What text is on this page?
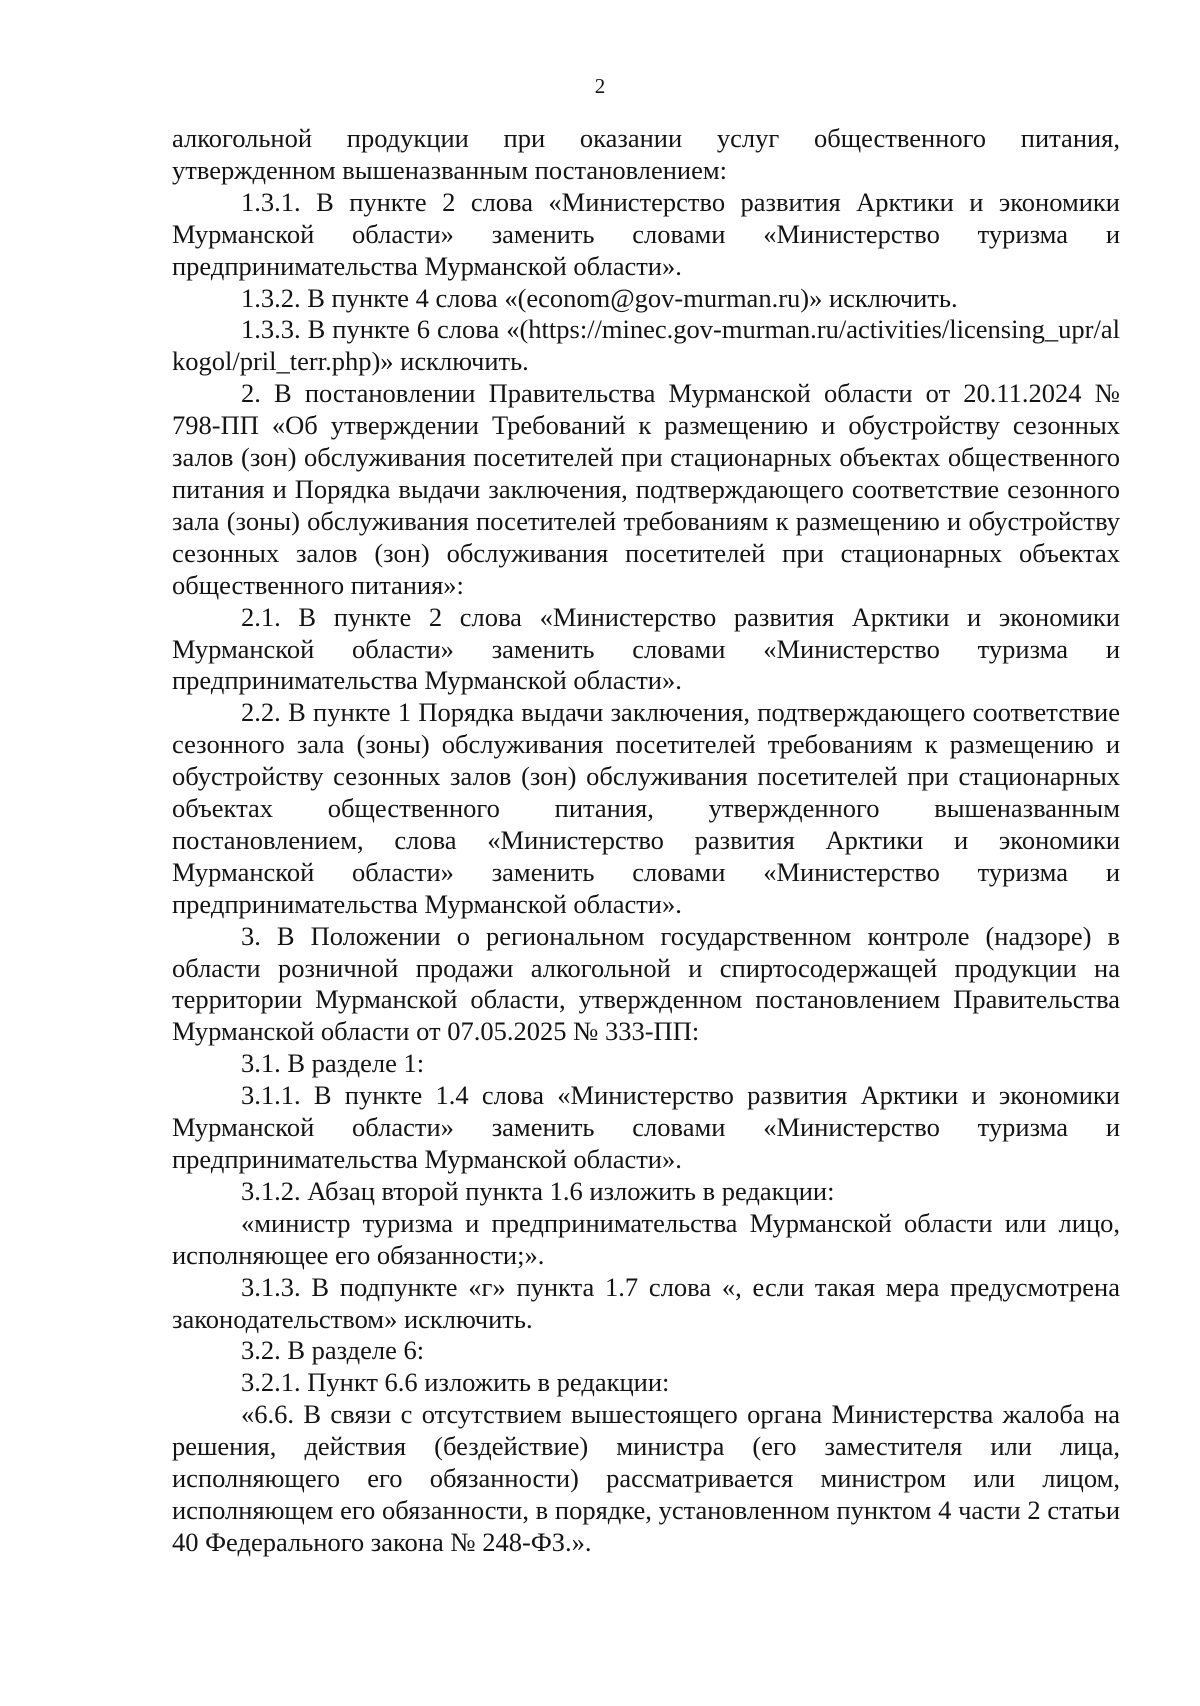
2

алкогольной продукции при оказании услуг общественного питания, утвержденном вышеназванным постановлением:

1.3.1. В пункте 2 слова «Министерство развития Арктики и экономики Мурманской области» заменить словами «Министерство туризма и предпринимательства Мурманской области».

1.3.2. В пункте 4 слова «(econom@gov-murman.ru)» исключить.

1.3.3. В пункте 6 слова «(https://minec.gov-murman.ru/activities/licensing_upr/alkogol/pril_terr.php)» исключить.

2. В постановлении Правительства Мурманской области от 20.11.2024 № 798-ПП «Об утверждении Требований к размещению и обустройству сезонных залов (зон) обслуживания посетителей при стационарных объектах общественного питания и Порядка выдачи заключения, подтверждающего соответствие сезонного зала (зоны) обслуживания посетителей требованиям к размещению и обустройству сезонных залов (зон) обслуживания посетителей при стационарных объектах общественного питания»:

2.1. В пункте 2 слова «Министерство развития Арктики и экономики Мурманской области» заменить словами «Министерство туризма и предпринимательства Мурманской области».

2.2. В пункте 1 Порядка выдачи заключения, подтверждающего соответствие сезонного зала (зоны) обслуживания посетителей требованиям к размещению и обустройству сезонных залов (зон) обслуживания посетителей при стационарных объектах общественного питания, утвержденного вышеназванным постановлением, слова «Министерство развития Арктики и экономики Мурманской области» заменить словами «Министерство туризма и предпринимательства Мурманской области».

3. В Положении о региональном государственном контроле (надзоре) в области розничной продажи алкогольной и спиртосодержащей продукции на территории Мурманской области, утвержденном постановлением Правительства Мурманской области от 07.05.2025 № 333-ПП:

3.1. В разделе 1:

3.1.1. В пункте 1.4 слова «Министерство развития Арктики и экономики Мурманской области» заменить словами «Министерство туризма и предпринимательства Мурманской области».

3.1.2. Абзац второй пункта 1.6 изложить в редакции:

«министр туризма и предпринимательства Мурманской области или лицо, исполняющее его обязанности;».

3.1.3. В подпункте «г» пункта 1.7 слова «, если такая мера предусмотрена законодательством» исключить.

3.2. В разделе 6:

3.2.1. Пункт 6.6 изложить в редакции:

«6.6. В связи с отсутствием вышестоящего органа Министерства жалоба на решения, действия (бездействие) министра (его заместителя или лица, исполняющего его обязанности) рассматривается министром или лицом, исполняющем его обязанности, в порядке, установленном пунктом 4 части 2 статьи 40 Федерального закона № 248-ФЗ.».
